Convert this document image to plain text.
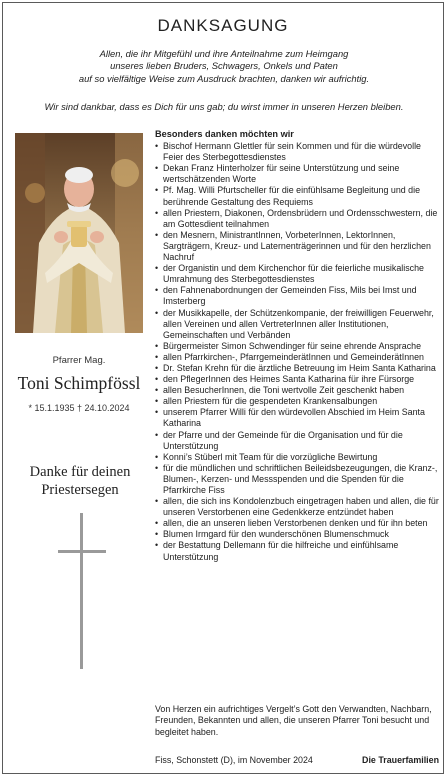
DANKSAGUNG
Allen, die ihr Mitgefühl und ihre Anteilnahme zum Heimgang
unseres lieben Bruders, Schwagers, Onkels und Paten
auf so vielfältige Weise zum Ausdruck brachten, danken wir aufrichtig.
Wir sind dankbar, dass es Dich für uns gab; du wirst immer in unseren Herzen bleiben.
Pfarrer Mag.
Toni Schimpfössl
* 15.1.1935 † 24.10.2024
Danke für deinen
Priestersegen
Besonders danken möchten wir
• Bischof Hermann Glettler für sein Kommen und für die würdevolle Feier des Sterbegottesdienstes
• Dekan Franz Hinterholzer für seine Unterstützung und seine wertschätzenden Worte
• Pf. Mag. Willi Pfurtscheller für die einfühlsame Begleitung und die berührende Gestaltung des Requiems
• allen Priestern, Diakonen, Ordensbrüdern und Ordensschwestern, die am Gottesdient teilnahmen
• den Mesnern, MinistrantInnen, VorbeterInnen, LektorInnen, Sargträgern, Kreuz- und Laternenträgerinnen und für den herzlichen Nachruf
• der Organistin und dem Kirchenchor für die feierliche musikalische Umrahmung des Sterbegottesdienstes
• den Fahnenabordnungen der Gemeinden Fiss, Mils bei Imst und Imsterberg
• der Musikkapelle, der Schützenkompanie, der freiwilligen Feuerwehr, allen Vereinen und allen VertreterInnen aller Institutionen, Gemeinschaften und Verbänden
• Bürgermeister Simon Schwendinger für seine ehrende Ansprache
• allen Pfarrkirchen-, PfarrgemeinderätInnen und GemeinderätInnen
• Dr. Stefan Krehn für die ärztliche Betreuung im Heim Santa Katharina
• den PflegerInnen des Heimes Santa Katharina für ihre Fürsorge
• allen BesucherInnen, die Toni wertvolle Zeit geschenkt haben
• allen Priestern für die gespendeten Krankensalbungen
• unserem Pfarrer Willi für den würdevollen Abschied im Heim Santa Katharina
• der Pfarre und der Gemeinde für die Organisation und für die Unterstützung
• Konni’s Stüberl mit Team für die vorzügliche Bewirtung
• für die mündlichen und schriftlichen Beileidsbezeugungen, die Kranz-, Blumen-, Kerzen- und Messspenden und die Spenden für die Pfarrkirche Fiss
• allen, die sich ins Kondolenzbuch eingetragen haben und allen, die für unseren Verstorbenen eine Gedenkkerze entzündet haben
• allen, die an unseren lieben Verstorbenen denken und für ihn beten
• Blumen Irmgard für den wunderschönen Blumenschmuck
• der Bestattung Dellemann für die hilfreiche und einfühlsame Unterstützung
Von Herzen ein aufrichtiges Vergelt’s Gott den Verwandten, Nachbarn, Freunden, Bekannten und allen, die unseren Pfarrer Toni besucht und begleitet haben.
Fiss, Schonstett (D), im November 2024	Die Trauerfamilien
